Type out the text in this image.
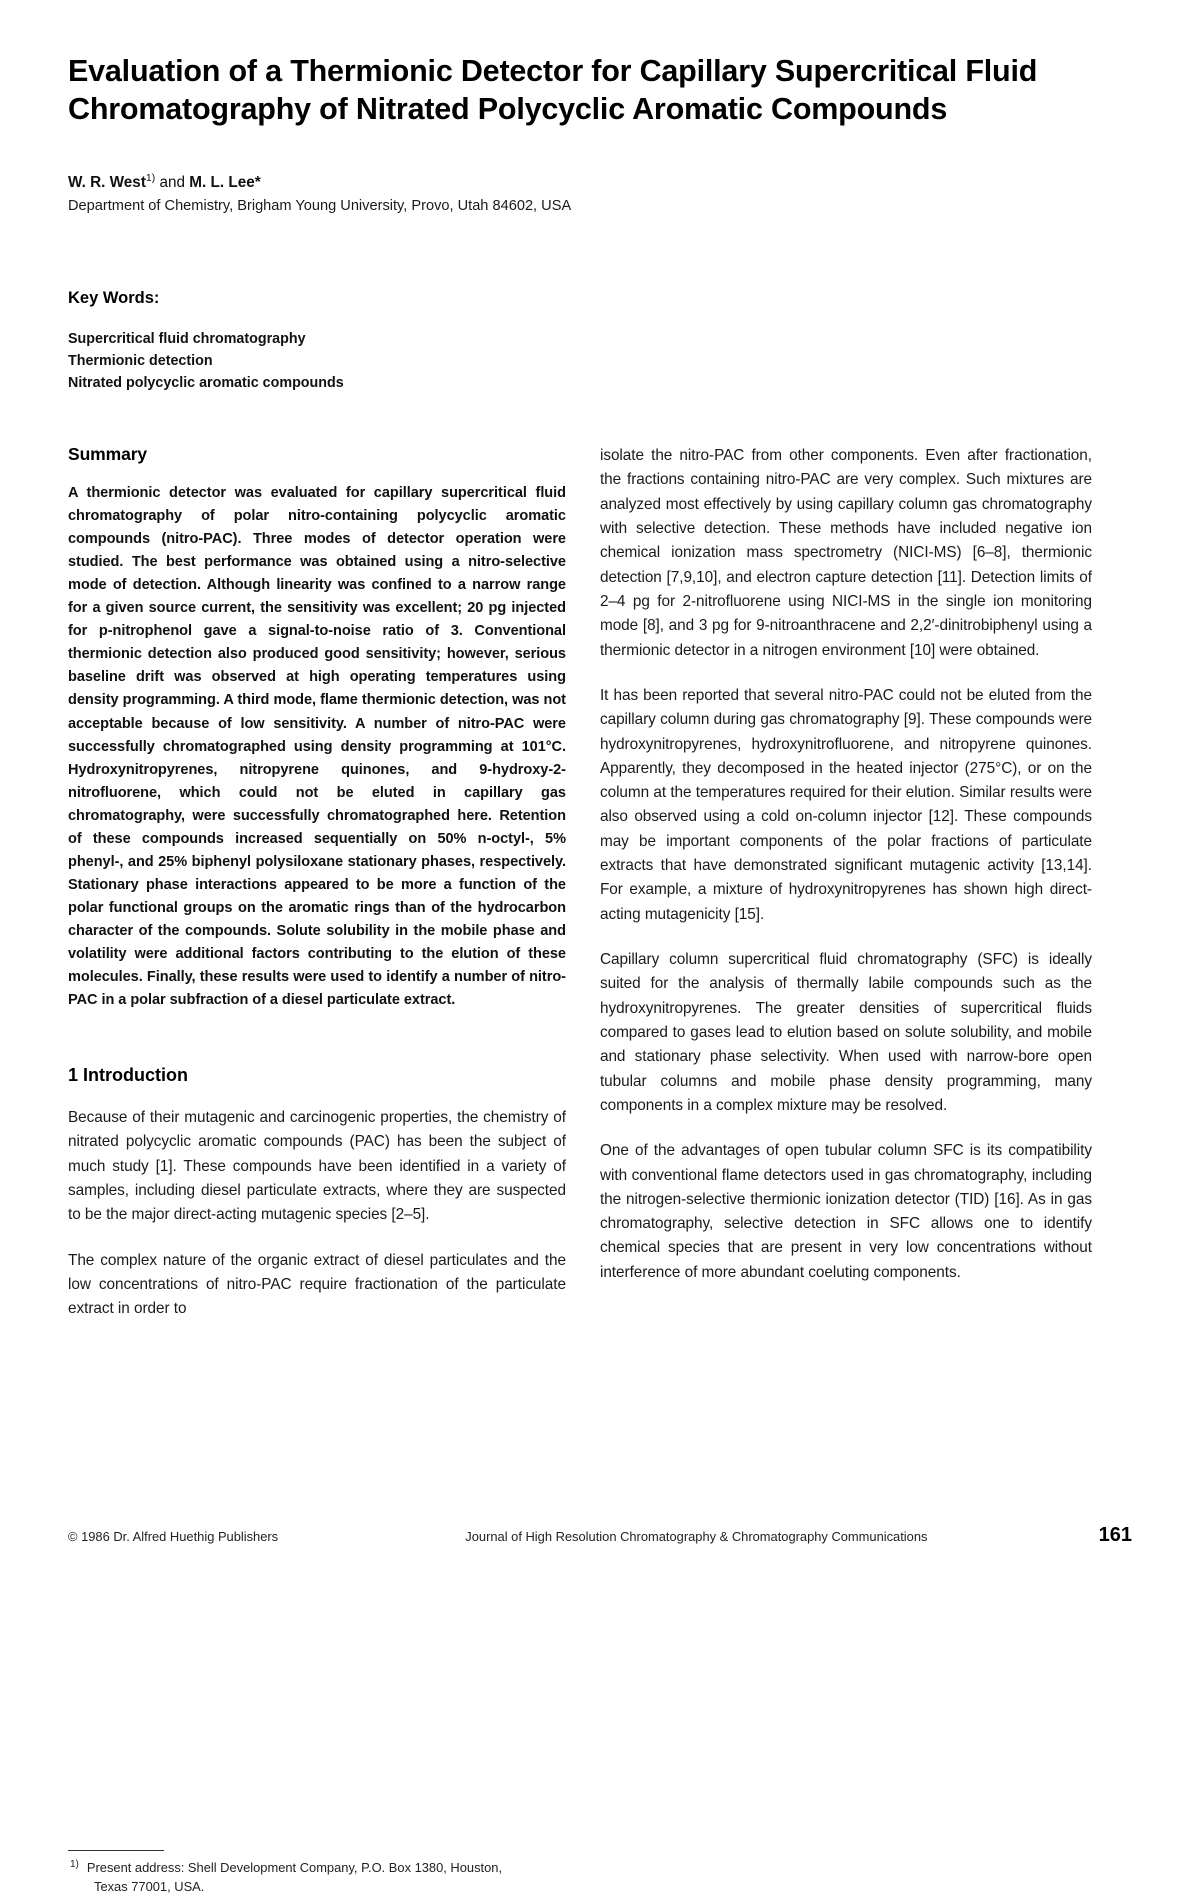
Evaluation of a Thermionic Detector for Capillary Supercritical Fluid Chromatography of Nitrated Polycyclic Aromatic Compounds

W. R. West$^{1)}$ and M. L. Lee*

Department of Chemistry, Brigham Young University, Provo, Utah 84602, USA

Key Words:
Supercritical fluid chromatography
Thermionic detection
Nitrated polycyclic aromatic compounds
Summary

A thermionic detector was evaluated for capillary supercritical fluid chromatography of polar nitro-containing polycyclic aromatic compounds (nitro-PAC). Three modes of detector operation were studied. The best performance was obtained using a nitro-selective mode of detection. Although linearity was confined to a narrow range for a given source current, the sensitivity was excellent; 20 pg injected for p-nitrophenol gave a signal-to-noise ratio of 3. Conventional thermionic detection also produced good sensitivity; however, serious baseline drift was observed at high operating temperatures using density programming. A third mode, flame thermionic detection, was not acceptable because of low sensitivity. A number of nitro-PAC were successfully chromatographed using density programming at 101°C. Hydroxynitropyrenes, nitropyrene quinones, and 9-hydroxy-2-nitrofluorene, which could not be eluted in capillary gas chromatography, were successfully chromatographed here. Retention of these compounds increased sequentially on 50% n-octyl-, 5% phenyl-, and 25% biphenyl polysiloxane stationary phases, respectively. Stationary phase interactions appeared to be more a function of the polar functional groups on the aromatic rings than of the hydrocarbon character of the compounds. Solute solubility in the mobile phase and volatility were additional factors contributing to the elution of these molecules. Finally, these results were used to identify a number of nitro-PAC in a polar subfraction of a diesel particulate extract.

1 Introduction

Because of their mutagenic and carcinogenic properties, the chemistry of nitrated polycyclic aromatic compounds (PAC) has been the subject of much study [1]. These compounds have been identified in a variety of samples, including diesel particulate extracts, where they are suspected to be the major direct-acting mutagenic species [2–5].

The complex nature of the organic extract of diesel particulates and the low concentrations of nitro-PAC require fractionation of the particulate extract in order to

$^{1)}$ Present address: Shell Development Company, P.O. Box 1380, Houston, Texas 77001, USA.

isolate the nitro-PAC from other components. Even after fractionation, the fractions containing nitro-PAC are very complex. Such mixtures are analyzed most effectively by using capillary column gas chromatography with selective detection. These methods have included negative ion chemical ionization mass spectrometry (NICI-MS) [6–8], thermionic detection [7,9,10], and electron capture detection [11]. Detection limits of 2–4 pg for 2-nitrofluorene using NICI-MS in the single ion monitoring mode [8], and 3 pg for 9-nitroanthracene and 2,2′-dinitrobiphenyl using a thermionic detector in a nitrogen environment [10] were obtained.

It has been reported that several nitro-PAC could not be eluted from the capillary column during gas chromatography [9]. These compounds were hydroxynitropyrenes, hydroxynitrofluorene, and nitropyrene quinones. Apparently, they decomposed in the heated injector (275°C), or on the column at the temperatures required for their elution. Similar results were also observed using a cold on-column injector [12]. These compounds may be important components of the polar fractions of particulate extracts that have demonstrated significant mutagenic activity [13,14]. For example, a mixture of hydroxynitropyrenes has shown high direct-acting mutagenicity [15].

Capillary column supercritical fluid chromatography (SFC) is ideally suited for the analysis of thermally labile compounds such as the hydroxynitropyrenes. The greater densities of supercritical fluids compared to gases lead to elution based on solute solubility, and mobile and stationary phase selectivity. When used with narrow-bore open tubular columns and mobile phase density programming, many components in a complex mixture may be resolved.

One of the advantages of open tubular column SFC is its compatibility with conventional flame detectors used in gas chromatography, including the nitrogen-selective thermionic ionization detector (TID) [16]. As in gas chromatography, selective detection in SFC allows one to identify chemical species that are present in very low concentrations without interference of more abundant coeluting components.

© 1986 Dr. Alfred Huethig Publishers	Journal of High Resolution Chromatography & Chromatography Communications	161
